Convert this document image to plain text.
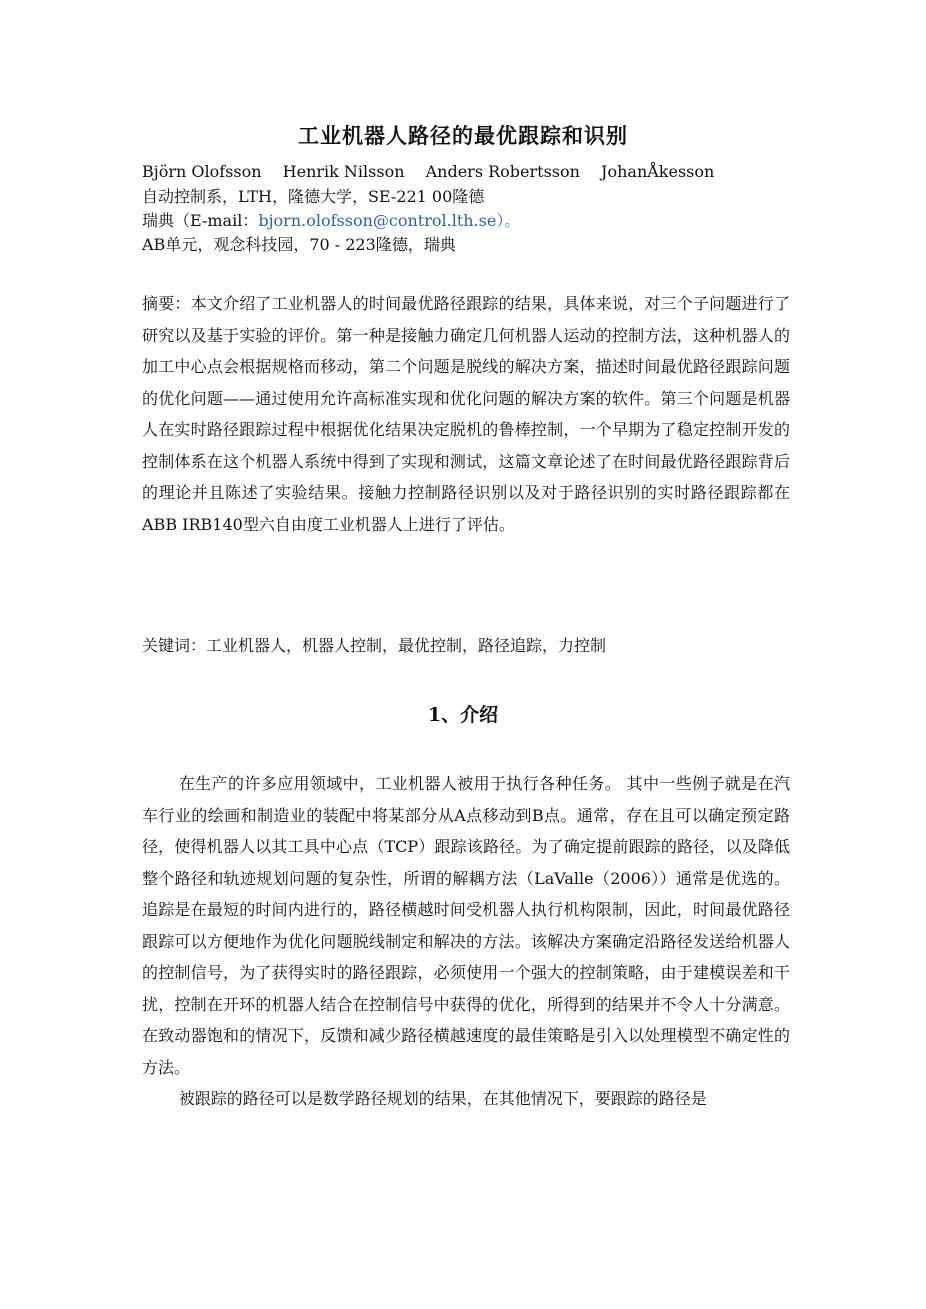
工业机器人路径的最优跟踪和识别
Björn Olofsson Henrik Nilsson Anders Robertsson JohanÅkesson
自动控制系，LTH，隆德大学，SE-221 00隆德
瑞典（E-mail：bjorn.olofsson@control.lth.se）。
AB单元，观念科技园，70 - 223隆德，瑞典
摘要：本文介绍了工业机器人的时间最优路径跟踪的结果，具体来说，对三个子问题进行了研究以及基于实验的评价。第一种是接触力确定几何机器人运动的控制方法，这种机器人的加工中心点会根据规格而移动，第二个问题是脱线的解决方案，描述时间最优路径跟踪问题的优化问题——通过使用允许高标准实现和优化问题的解决方案的软件。第三个问题是机器人在实时路径跟踪过程中根据优化结果决定脱机的鲁棒控制，一个早期为了稳定控制开发的控制体系在这个机器人系统中得到了实现和测试，这篇文章论述了在时间最优路径跟踪背后的理论并且陈述了实验结果。接触力控制路径识别以及对于路径识别的实时路径跟踪都在ABB IRB140型六自由度工业机器人上进行了评估。
关键词：工业机器人，机器人控制，最优控制，路径追踪，力控制
1、介绍

在生产的许多应用领域中，工业机器人被用于执行各种任务。 其中一些例子就是在汽车行业的绘画和制造业的装配中将某部分从A点移动到B点。通常，存在且可以确定预定路径，使得机器人以其工具中心点（TCP）跟踪该路径。为了确定提前跟踪的路径，以及降低整个路径和轨迹规划问题的复杂性，所谓的解耦方法（LaValle（2006））通常是优选的。 追踪是在最短的时间内进行的，路径横越时间受机器人执行机构限制，因此，时间最优路径跟踪可以方便地作为优化问题脱线制定和解决的方法。该解决方案确定沿路径发送给机器人的控制信号，为了获得实时的路径跟踪，必须使用一个强大的控制策略，由于建模误差和干扰，控制在开环的机器人结合在控制信号中获得的优化，所得到的结果并不令人十分满意。在致动器饱和的情况下，反馈和减少路径横越速度的最佳策略是引入以处理模型不确定性的方法。

被跟踪的路径可以是数学路径规划的结果，在其他情况下，要跟踪的路径是
